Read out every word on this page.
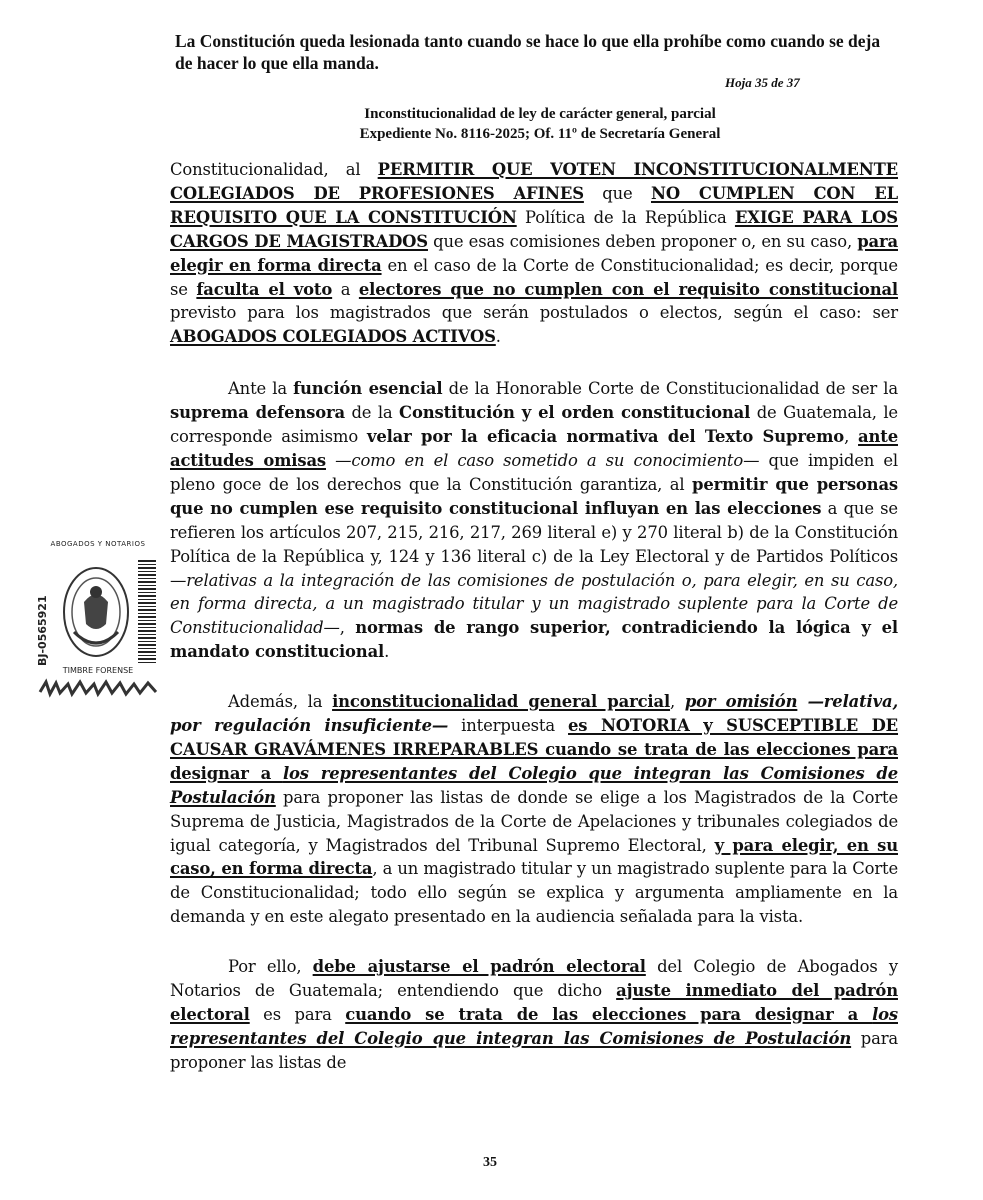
La Constitución queda lesionada tanto cuando se hace lo que ella prohíbe como cuando se deja de hacer lo que ella manda.
Hoja 35 de 37
Inconstitucionalidad de ley de carácter general, parcial
Expediente No. 8116-2025; Of. 11º de Secretaría General
ABOGADOS Y NOTARIOS
BJ-0565921
TIMBRE FORENSE

Constitucionalidad, al PERMITIR QUE VOTEN INCONSTITUCIONALMENTE COLEGIADOS DE PROFESIONES AFINES que NO CUMPLEN CON EL REQUISITO QUE LA CONSTITUCIÓN Política de la República EXIGE PARA LOS CARGOS DE MAGISTRADOS que esas comisiones deben proponer o, en su caso, para elegir en forma directa en el caso de la Corte de Constitucionalidad; es decir, porque se faculta el voto a electores que no cumplen con el requisito constitucional previsto para los magistrados que serán postulados o electos, según el caso: ser ABOGADOS COLEGIADOS ACTIVOS.

Ante la función esencial de la Honorable Corte de Constitucionalidad de ser la suprema defensora de la Constitución y el orden constitucional de Guatemala, le corresponde asimismo velar por la eficacia normativa del Texto Supremo, ante actitudes omisas —como en el caso sometido a su conocimiento— que impiden el pleno goce de los derechos que la Constitución garantiza, al permitir que personas que no cumplen ese requisito constitucional influyan en las elecciones a que se refieren los artículos 207, 215, 216, 217, 269 literal e) y 270 literal b) de la Constitución Política de la República y, 124 y 136 literal c) de la Ley Electoral y de Partidos Políticos —relativas a la integración de las comisiones de postulación o, para elegir, en su caso, en forma directa, a un magistrado titular y un magistrado suplente para la Corte de Constitucionalidad—, normas de rango superior, contradiciendo la lógica y el mandato constitucional.

Además, la inconstitucionalidad general parcial, por omisión —relativa, por regulación insuficiente— interpuesta es NOTORIA y SUSCEPTIBLE DE CAUSAR GRAVÁMENES IRREPARABLES cuando se trata de las elecciones para designar a los representantes del Colegio que integran las Comisiones de Postulación para proponer las listas de donde se elige a los Magistrados de la Corte Suprema de Justicia, Magistrados de la Corte de Apelaciones y tribunales colegiados de igual categoría, y Magistrados del Tribunal Supremo Electoral, y para elegir, en su caso, en forma directa, a un magistrado titular y un magistrado suplente para la Corte de Constitucionalidad; todo ello según se explica y argumenta ampliamente en la demanda y en este alegato presentado en la audiencia señalada para la vista.

Por ello, debe ajustarse el padrón electoral del Colegio de Abogados y Notarios de Guatemala; entendiendo que dicho ajuste inmediato del padrón electoral es para cuando se trata de las elecciones para designar a los representantes del Colegio que integran las Comisiones de Postulación para proponer las listas de

35
